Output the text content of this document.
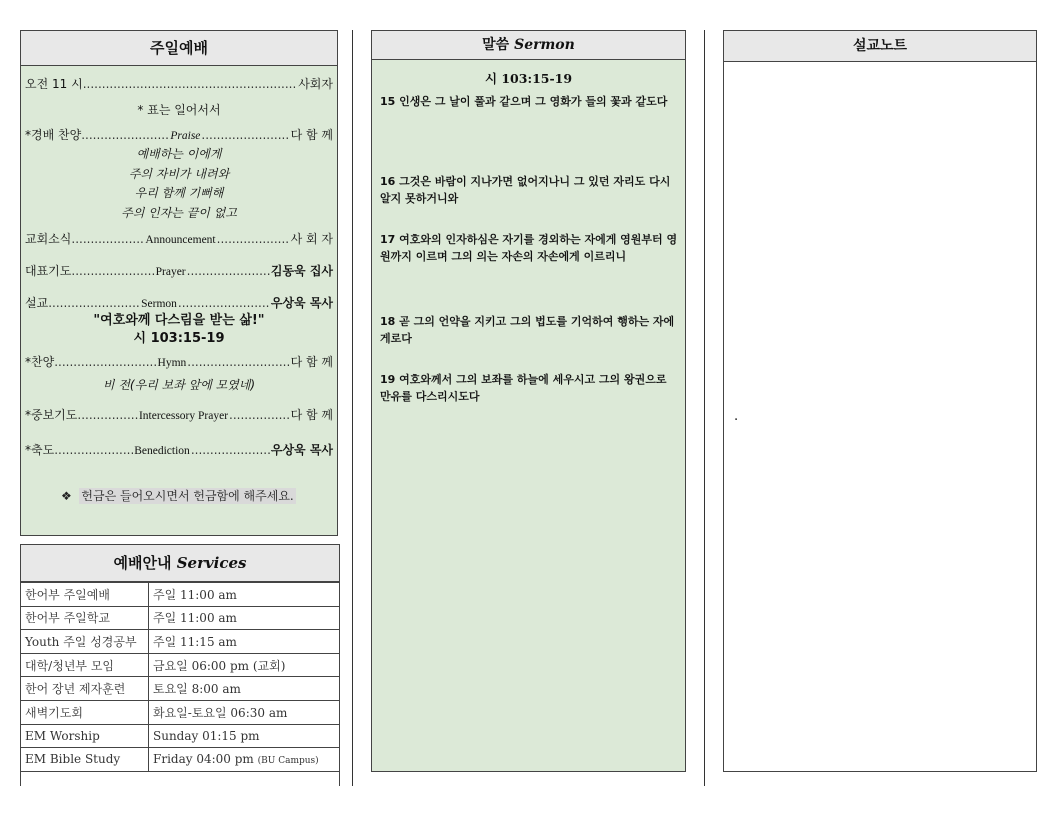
주일예배
오전 11 시 .....	사회자
* 표는 일어서서
*경배 찬양 .....	Praise .....	다 함 께
예배하는 이에게
주의 자비가 내려와
우리 함께 기뻐해
주의 인자는 끝이 없고
교회소식 .....	Announcement .....	사 회 자
대표기도 .....	Prayer .....	김동욱 집사
설교 .....	Sermon .....	우상욱 목사
"여호와께 다스림을 받는 삶!"
시 103:15-19
*찬양 .....	Hymn .....	다 함 께
비 전(우리 보좌 앞에 모였네)
*중보기도 .....	Intercessory Prayer .....	다 함 께
*축도 .....	Benediction .....	우상욱 목사
❖ 헌금은 들어오시면서 헌금함에 해주세요.
예배안내 Services
한어부 주일예배	주일 11:00 am
한어부 주일학교	주일 11:00 am
Youth 주일 성경공부	주일 11:15 am
대학/청년부 모임	금요일 06:00 pm (교회)
한어 장년 제자훈련	토요일 8:00 am
새벽기도회	화요일-토요일 06:30 am
EM Worship	Sunday 01:15 pm
EM Bible Study	Friday 04:00 pm (BU Campus)
말씀 Sermon
시 103:15-19
15 인생은 그 날이 풀과 같으며 그 영화가 들의 꽃과 같도다
16 그것은 바람이 지나가면 없어지나니 그 있던 자리도 다시 알지 못하거니와
17 여호와의 인자하심은 자기를 경외하는 자에게 영원부터 영원까지 이르며 그의 의는 자손의 자손에게 이르리니
18 곧 그의 언약을 지키고 그의 법도를 기억하여 행하는 자에게로다
19 여호와께서 그의 보좌를 하늘에 세우시고 그의 왕권으로 만유를 다스리시도다
설교노트
.
